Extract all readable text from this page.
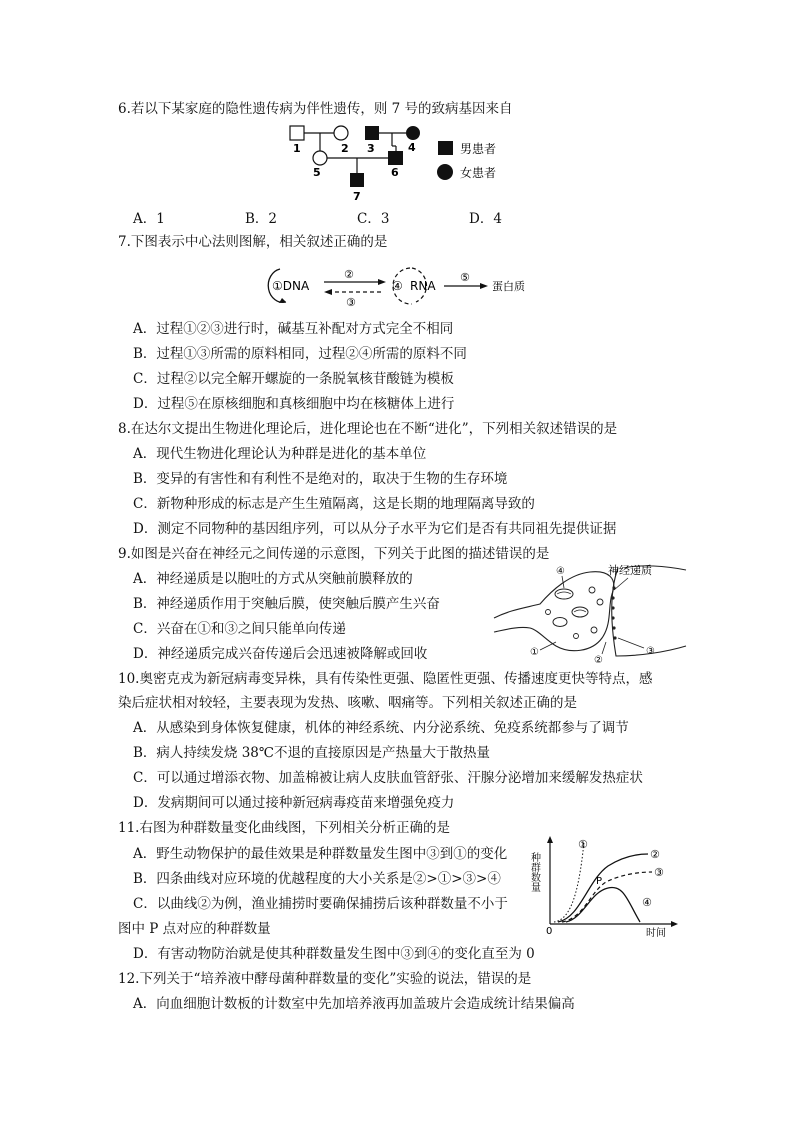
6.若以下某家庭的隐性遗传病为伴性遗传，则 7 号的致病基因来自
1	2 3	4
5	6
7
男患者
女患者
A．1	B．2	C．3	D．4
7.下图表示中心法则图解，相关叙述正确的是
①DNA
②
③
④ RNA
⑤
蛋白质
A．过程①②③进行时，碱基互补配对方式完全不相同
B．过程①③所需的原料相同，过程②④所需的原料不同
C．过程②以完全解开螺旋的一条脱氧核苷酸链为模板
D．过程⑤在原核细胞和真核细胞中均在核糖体上进行
8.在达尔文提出生物进化理论后，进化理论也在不断“进化”，下列相关叙述错误的是
A．现代生物进化理论认为种群是进化的基本单位
B．变异的有害性和有利性不是绝对的，取决于生物的生存环境
C．新物种形成的标志是产生生殖隔离，这是长期的地理隔离导致的
D．测定不同物种的基因组序列，可以从分子水平为它们是否有共同祖先提供证据
9.如图是兴奋在神经元之间传递的示意图，下列关于此图的描述错误的是
A．神经递质是以胞吐的方式从突触前膜释放的
B．神经递质作用于突触后膜，使突触后膜产生兴奋
C．兴奋在①和③之间只能单向传递
D．神经递质完成兴奋传递后会迅速被降解或回收
神经递质
④
①
②
③
10.奥密克戎为新冠病毒变异株，具有传染性更强、隐匿性更强、传播速度更快等特点，感
染后症状相对较轻，主要表现为发热、咳嗽、咽痛等。下列相关叙述正确的是
A．从感染到身体恢复健康，机体的神经系统、内分泌系统、免疫系统都参与了调节
B．病人持续发烧 38℃不退的直接原因是产热量大于散热量
C．可以通过增添衣物、加盖棉被让病人皮肤血管舒张、汗腺分泌增加来缓解发热症状
D．发病期间可以通过接种新冠病毒疫苗来增强免疫力
11.右图为种群数量变化曲线图，下列相关分析正确的是
A．野生动物保护的最佳效果是种群数量发生图中③到①的变化
B．四条曲线对应环境的优越程度的大小关系是②>①>③>④
C．以曲线②为例，渔业捕捞时要确保捕捞后该种群数量不小于
图中 P 点对应的种群数量
D．有害动物防治就是使其种群数量发生图中③到④的变化直至为 0
种群数量
0	时间
①
②
③
④
P
12.下列关于“培养液中酵母菌种群数量的变化”实验的说法，错误的是
A．向血细胞计数板的计数室中先加培养液再加盖玻片会造成统计结果偏高
